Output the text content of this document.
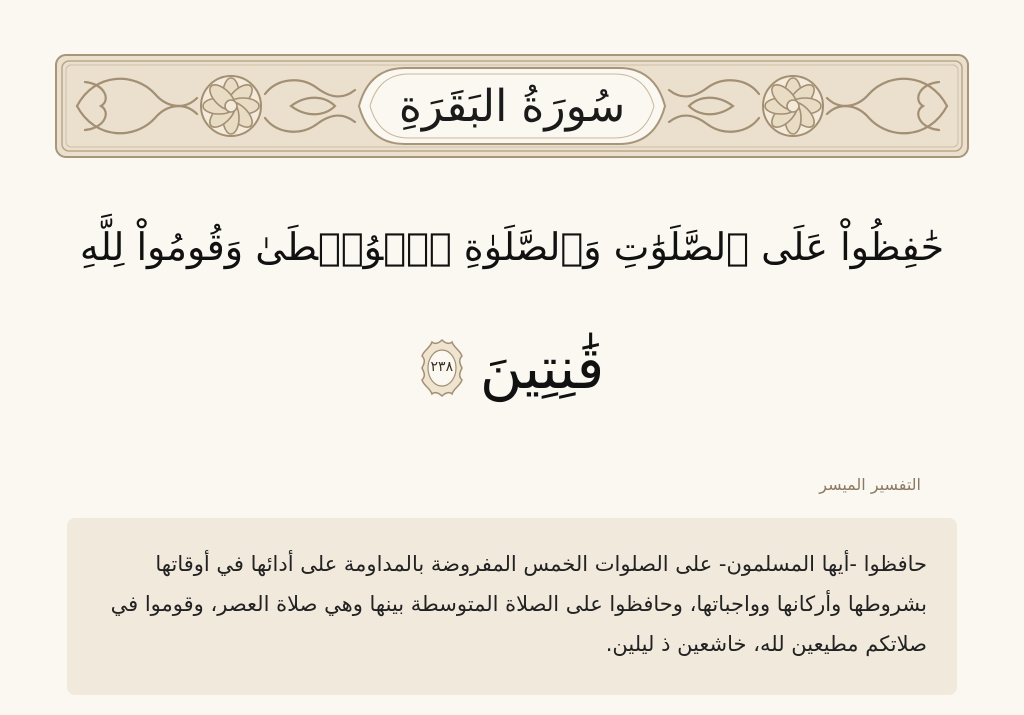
سُورَةُ البَقَرَةِ
حَٰفِظُواْ عَلَى ٱلصَّلَوَٰتِ وَٱلصَّلَوٰةِ ٱلۡوُسۡطَىٰ وَقُومُواْ لِلَّهِ
قَٰنِتِينَ
٢٣٨
التفسير الميسر
حافظوا -أيها المسلمون- على الصلوات الخمس المفروضة بالمداومة على أدائها في أوقاتها بشروطها وأركانها وواجباتها، وحافظوا على الصلاة المتوسطة بينها وهي صلاة العصر، وقوموا في صلاتكم مطيعين لله، خاشعين ذ ليلين.
